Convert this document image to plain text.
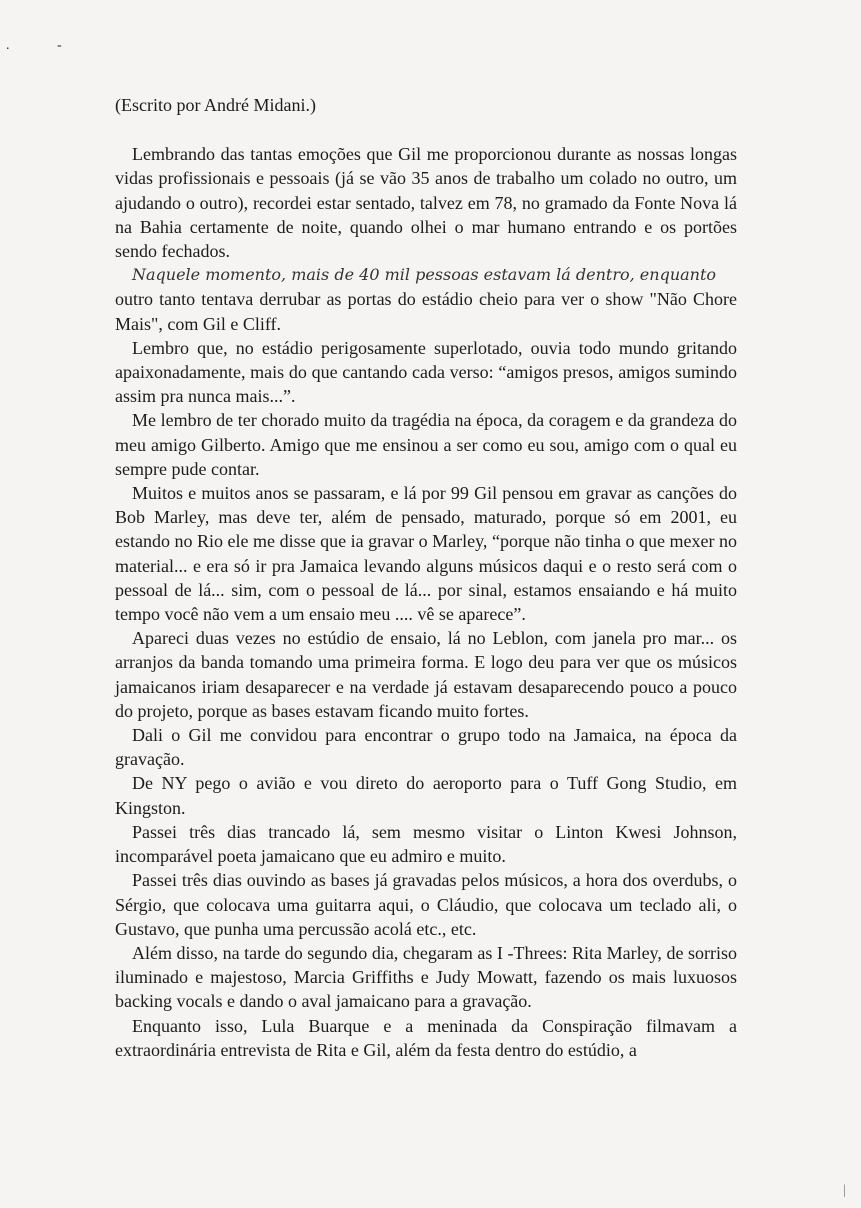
. -

(Escrito por André Midani.)

Lembrando das tantas emoções que Gil me proporcionou durante as nossas longas vidas profissionais e pessoais (já se vão 35 anos de trabalho um colado no outro, um ajudando o outro), recordei estar sentado, talvez em 78, no gramado da Fonte Nova lá na Bahia certamente de noite, quando olhei o mar humano entrando e os portões sendo fechados.

Naquele momento, mais de 40 mil pessoas estavam lá dentro, enquanto

outro tanto tentava derrubar as portas do estádio cheio para ver o show "Não Chore Mais", com Gil e Cliff.

Lembro que, no estádio perigosamente superlotado, ouvia todo mundo gritando apaixonadamente, mais do que cantando cada verso: “amigos presos, amigos sumindo assim pra nunca mais...”.

Me lembro de ter chorado muito da tragédia na época, da coragem e da grandeza do meu amigo Gilberto. Amigo que me ensinou a ser como eu sou, amigo com o qual eu sempre pude contar.

Muitos e muitos anos se passaram, e lá por 99 Gil pensou em gravar as canções do Bob Marley, mas deve ter, além de pensado, maturado, porque só em 2001, eu estando no Rio ele me disse que ia gravar o Marley, “porque não tinha o que mexer no material... e era só ir pra Jamaica levando alguns músicos daqui e o resto será com o pessoal de lá... sim, com o pessoal de lá... por sinal, estamos ensaiando e há muito tempo você não vem a um ensaio meu .... vê se aparece”.

Apareci duas vezes no estúdio de ensaio, lá no Leblon, com janela pro mar... os arranjos da banda tomando uma primeira forma. E logo deu para ver que os músicos jamaicanos iriam desaparecer e na verdade já estavam desaparecendo pouco a pouco do projeto, porque as bases estavam ficando muito fortes.

Dali o Gil me convidou para encontrar o grupo todo na Jamaica, na época da gravação.

De NY pego o avião e vou direto do aeroporto para o Tuff Gong Studio, em Kingston.

Passei três dias trancado lá, sem mesmo visitar o Linton Kwesi Johnson, incomparável poeta jamaicano que eu admiro e muito.

Passei três dias ouvindo as bases já gravadas pelos músicos, a hora dos overdubs, o Sérgio, que colocava uma guitarra aqui, o Cláudio, que colocava um teclado ali, o Gustavo, que punha uma percussão acolá etc., etc.

Além disso, na tarde do segundo dia, chegaram as I -Threes: Rita Marley, de sorriso iluminado e majestoso, Marcia Griffiths e Judy Mowatt, fazendo os mais luxuosos backing vocals e dando o aval jamaicano para a gravação.

Enquanto isso, Lula Buarque e a meninada da Conspiração filmavam a extraordinária entrevista de Rita e Gil, além da festa dentro do estúdio, a

|
